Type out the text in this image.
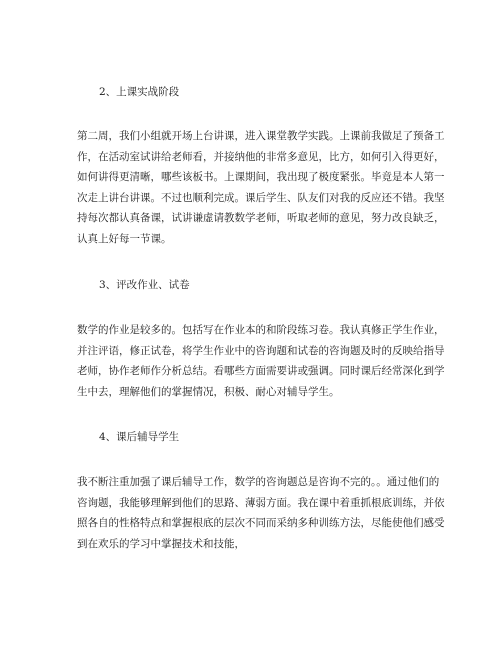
2、上课实战阶段
第二周，我们小组就开场上台讲课，进入课堂教学实践。上课前我做足了预备工
作，在活动室试讲给老师看，并接纳他的非常多意见，比方，如何引入得更好，
如何讲得更清晰，哪些该板书。上课期间，我出现了极度紧张。毕竟是本人第一
次走上讲台讲课。不过也顺利完成。课后学生、队友们对我的反应还不错。我坚
持每次都认真备课，试讲谦虚请教数学老师，听取老师的意见，努力改良缺乏，
认真上好每一节课。
3、评改作业、试卷
数学的作业是较多的。包括写在作业本的和阶段练习卷。我认真修正学生作业，
并注评语，修正试卷，将学生作业中的咨询题和试卷的咨询题及时的反映给指导
老师，协作老师作分析总结。看哪些方面需要讲或强调。同时课后经常深化到学
生中去，理解他们的掌握情况，积极、耐心对辅导学生。
4、课后辅导学生
我不断注重加强了课后辅导工作，数学的咨询题总是咨询不完的。。通过他们的
咨询题，我能够理解到他们的思路、薄弱方面。我在课中着重抓根底训练，并依
照各自的性格特点和掌握根底的层次不同而采纳多种训练方法，尽能使他们感受
到在欢乐的学习中掌握技术和技能，
